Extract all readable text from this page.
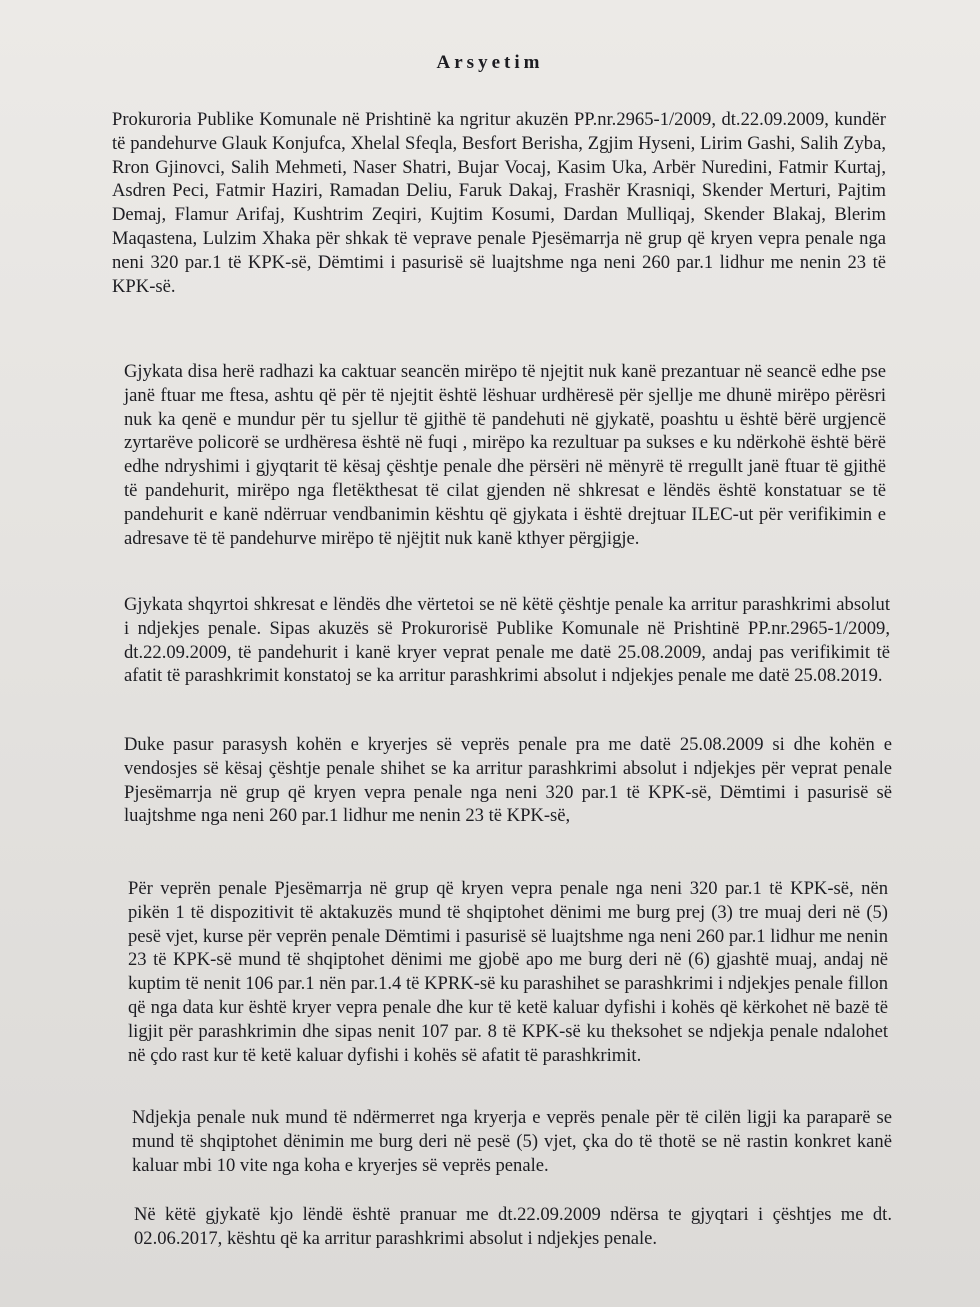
Arsyetim

Prokuroria Publike Komunale në Prishtinë ka ngritur akuzën PP.nr.2965-1/2009, dt.22.09.2009, kundër të pandehurve Glauk Konjufca, Xhelal Sfeqla, Besfort Berisha, Zgjim Hyseni, Lirim Gashi, Salih Zyba, Rron Gjinovci, Salih Mehmeti, Naser Shatri, Bujar Vocaj, Kasim Uka, Arbër Nuredini, Fatmir Kurtaj, Asdren Peci, Fatmir Haziri, Ramadan Deliu, Faruk Dakaj, Frashër Krasniqi, Skender Merturi, Pajtim Demaj, Flamur Arifaj, Kushtrim Zeqiri, Kujtim Kosumi, Dardan Mulliqaj, Skender Blakaj, Blerim Maqastena, Lulzim Xhaka për shkak të veprave penale Pjesëmarrja në grup që kryen vepra penale nga neni 320 par.1 të KPK-së, Dëmtimi i pasurisë së luajtshme nga neni 260 par.1 lidhur me nenin 23 të KPK-së.

Gjykata disa herë radhazi ka caktuar seancën mirëpo të njejtit nuk kanë prezantuar në seancë edhe pse janë ftuar me ftesa, ashtu që për të njejtit është lëshuar urdhëresë për sjellje me dhunë mirëpo përësri nuk ka qenë e mundur për tu sjellur të gjithë të pandehuti në gjykatë, poashtu u është bërë urgjencë zyrtarëve policorë se urdhëresa është në fuqi , mirëpo ka rezultuar pa sukses e ku ndërkohë është bërë edhe ndryshimi i gjyqtarit të kësaj çështje penale dhe përsëri në mënyrë të rregullt janë ftuar të gjithë të pandehurit, mirëpo nga fletëkthesat të cilat gjenden në shkresat e lëndës është konstatuar se të pandehurit e kanë ndërruar vendbanimin kështu që gjykata i është drejtuar ILEC-ut për verifikimin e adresave të të pandehurve mirëpo të njëjtit nuk kanë kthyer përgjigje.

Gjykata shqyrtoi shkresat e lëndës dhe vërtetoi se në këtë çështje penale ka arritur parashkrimi absolut i ndjekjes penale. Sipas akuzës së Prokurorisë Publike Komunale në Prishtinë PP.nr.2965-1/2009, dt.22.09.2009, të pandehurit i kanë kryer veprat penale me datë 25.08.2009, andaj pas verifikimit të afatit të parashkrimit konstatoj se ka arritur parashkrimi absolut i ndjekjes penale me datë 25.08.2019.

Duke pasur parasysh kohën e kryerjes së veprës penale pra me datë 25.08.2009 si dhe kohën e vendosjes së kësaj çështje penale shihet se ka arritur parashkrimi absolut i ndjekjes për veprat penale Pjesëmarrja në grup që kryen vepra penale nga neni 320 par.1 të KPK-së, Dëmtimi i pasurisë së luajtshme nga neni 260 par.1 lidhur me nenin 23 të KPK-së,

Për veprën penale Pjesëmarrja në grup që kryen vepra penale nga neni 320 par.1 të KPK-së, nën pikën 1 të dispozitivit të aktakuzës mund të shqiptohet dënimi me burg prej (3) tre muaj deri në (5) pesë vjet, kurse për veprën penale Dëmtimi i pasurisë së luajtshme nga neni 260 par.1 lidhur me nenin 23 të KPK-së mund të shqiptohet dënimi me gjobë apo me burg deri në (6) gjashtë muaj, andaj në kuptim të nenit 106 par.1 nën par.1.4 të KPRK-së ku parashihet se parashkrimi i ndjekjes penale fillon që nga data kur është kryer vepra penale dhe kur të ketë kaluar dyfishi i kohës që kërkohet në bazë të ligjit për parashkrimin dhe sipas nenit 107 par. 8 të KPK-së ku theksohet se ndjekja penale ndalohet në çdo rast kur të ketë kaluar dyfishi i kohës së afatit të parashkrimit.

Ndjekja penale nuk mund të ndërmerret nga kryerja e veprës penale për të cilën ligji ka paraparë se mund të shqiptohet dënimin me burg deri në pesë (5) vjet, çka do të thotë se në rastin konkret kanë kaluar mbi 10 vite nga koha e kryerjes së veprës penale.

Në këtë gjykatë kjo lëndë është pranuar me dt.22.09.2009 ndërsa te gjyqtari i çështjes me dt. 02.06.2017, kështu që ka arritur parashkrimi absolut i ndjekjes penale.
